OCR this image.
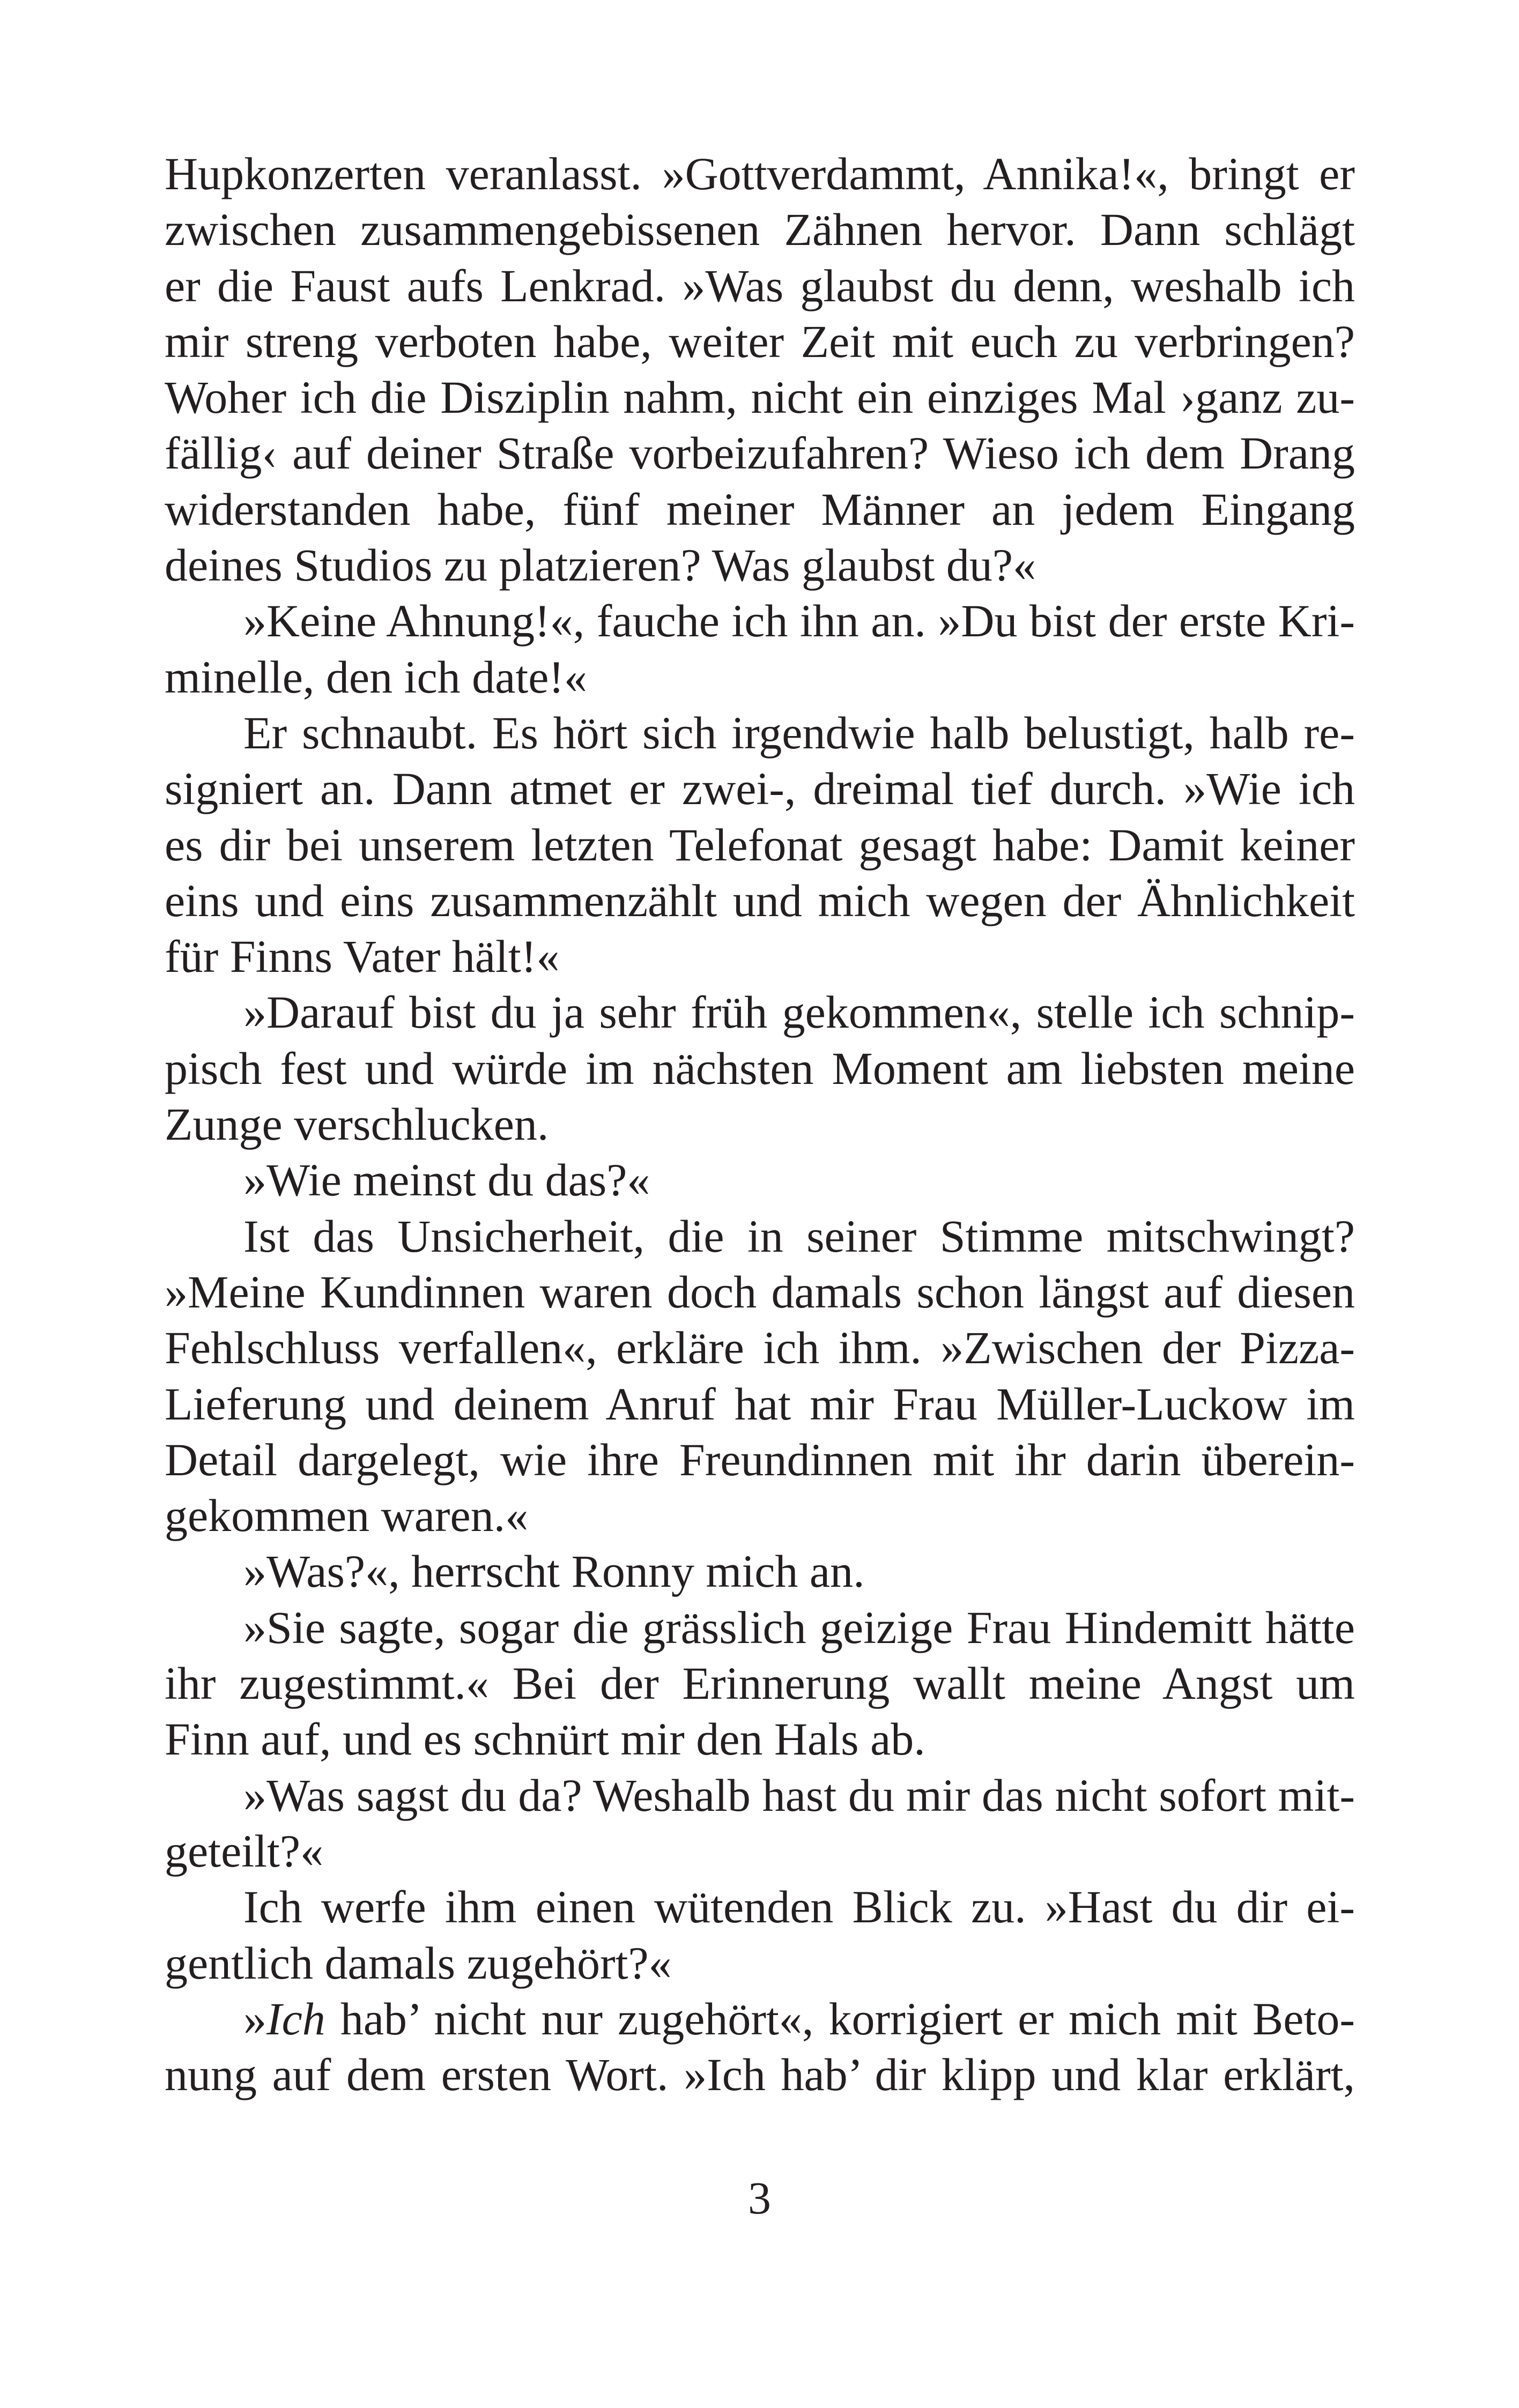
Hupkonzerten veranlasst. »Gottverdammt, Annika!«, bringt er
zwischen zusammengebissenen Zähnen hervor. Dann schlägt
er die Faust aufs Lenkrad. »Was glaubst du denn, weshalb ich
mir streng verboten habe, weiter Zeit mit euch zu verbringen?
Woher ich die Disziplin nahm, nicht ein einziges Mal ›ganz zu-
fällig‹ auf deiner Straße vorbeizufahren? Wieso ich dem Drang
widerstanden habe, fünf meiner Männer an jedem Eingang
deines Studios zu platzieren? Was glaubst du?«
»Keine Ahnung!«, fauche ich ihn an. »Du bist der erste Kri-
minelle, den ich date!«
Er schnaubt. Es hört sich irgendwie halb belustigt, halb re-
signiert an. Dann atmet er zwei-, dreimal tief durch. »Wie ich
es dir bei unserem letzten Telefonat gesagt habe: Damit keiner
eins und eins zusammenzählt und mich wegen der Ähnlichkeit
für Finns Vater hält!«
»Darauf bist du ja sehr früh gekommen«, stelle ich schnip-
pisch fest und würde im nächsten Moment am liebsten meine
Zunge verschlucken.
»Wie meinst du das?«
Ist das Unsicherheit, die in seiner Stimme mitschwingt?
»Meine Kundinnen waren doch damals schon längst auf diesen
Fehlschluss verfallen«, erkläre ich ihm. »Zwischen der Pizza-
Lieferung und deinem Anruf hat mir Frau Müller-Luckow im
Detail dargelegt, wie ihre Freundinnen mit ihr darin überein-
gekommen waren.«
»Was?«, herrscht Ronny mich an.
»Sie sagte, sogar die grässlich geizige Frau Hindemitt hätte
ihr zugestimmt.« Bei der Erinnerung wallt meine Angst um
Finn auf, und es schnürt mir den Hals ab.
»Was sagst du da? Weshalb hast du mir das nicht sofort mit-
geteilt?«
Ich werfe ihm einen wütenden Blick zu. »Hast du dir ei-
gentlich damals zugehört?«
»Ich hab’ nicht nur zugehört«, korrigiert er mich mit Beto-
nung auf dem ersten Wort. »Ich hab’ dir klipp und klar erklärt,
3
